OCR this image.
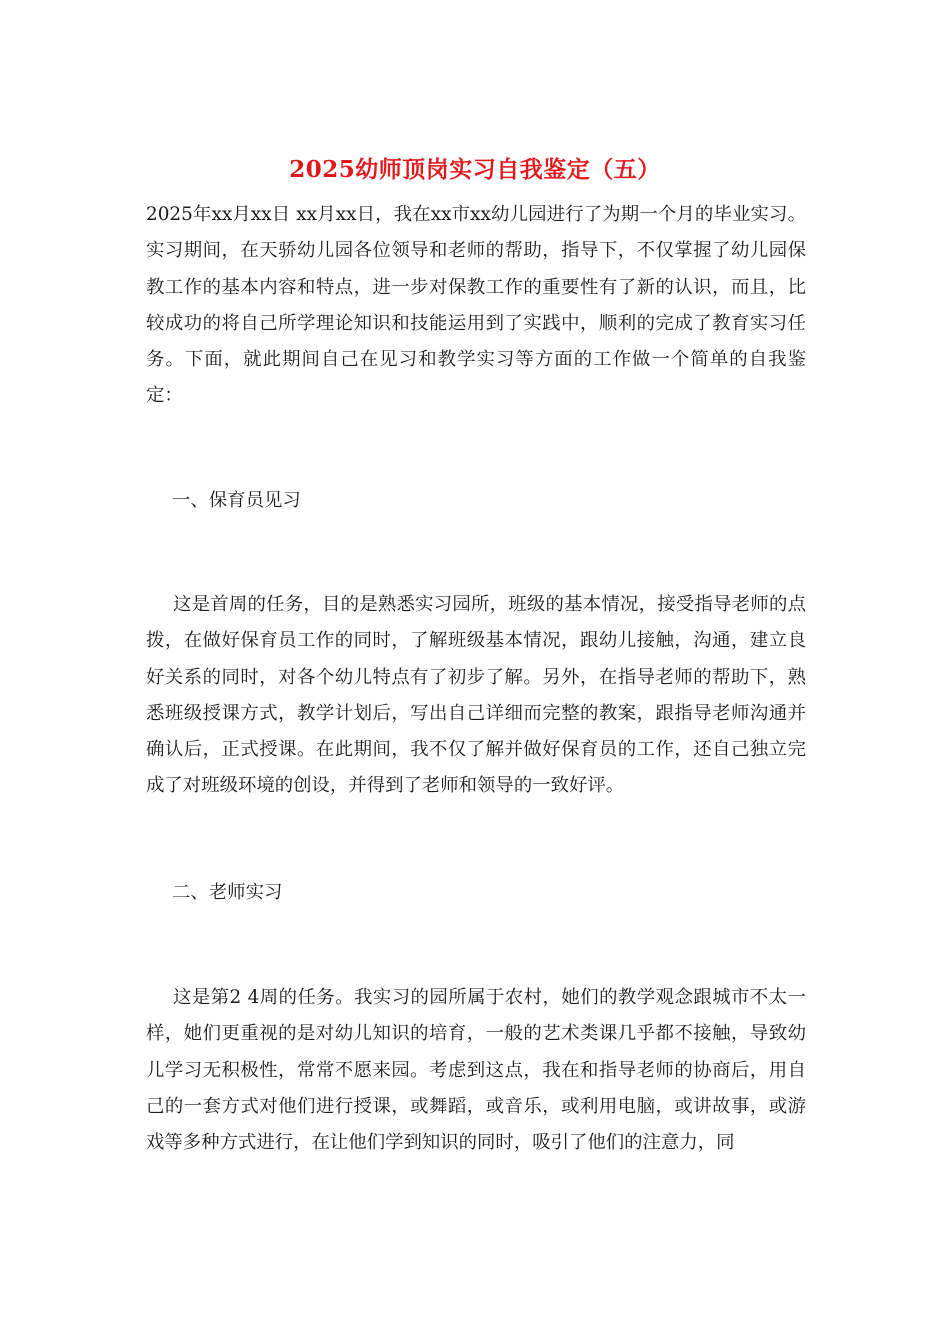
2025幼师顶岗实习自我鉴定（五）

2025年xx月xx日 xx月xx日，我在xx市xx幼儿园进行了为期一个月的毕业实习。实习期间，在天骄幼儿园各位领导和老师的帮助，指导下，不仅掌握了幼儿园保教工作的基本内容和特点，进一步对保教工作的重要性有了新的认识，而且，比较成功的将自己所学理论知识和技能运用到了实践中，顺利的完成了教育实习任务。下面，就此期间自己在见习和教学实习等方面的工作做一个简单的自我鉴定：

一、保育员见习

这是首周的任务，目的是熟悉实习园所，班级的基本情况，接受指导老师的点拨，在做好保育员工作的同时，了解班级基本情况，跟幼儿接触，沟通，建立良好关系的同时，对各个幼儿特点有了初步了解。另外，在指导老师的帮助下，熟悉班级授课方式，教学计划后，写出自己详细而完整的教案，跟指导老师沟通并确认后，正式授课。在此期间，我不仅了解并做好保育员的工作，还自己独立完成了对班级环境的创设，并得到了老师和领导的一致好评。

二、老师实习

这是第2 4周的任务。我实习的园所属于农村，她们的教学观念跟城市不太一样，她们更重视的是对幼儿知识的培育，一般的艺术类课几乎都不接触，导致幼儿学习无积极性，常常不愿来园。考虑到这点，我在和指导老师的协商后，用自己的一套方式对他们进行授课，或舞蹈，或音乐，或利用电脑，或讲故事，或游戏等多种方式进行，在让他们学到知识的同时，吸引了他们的注意力，同
